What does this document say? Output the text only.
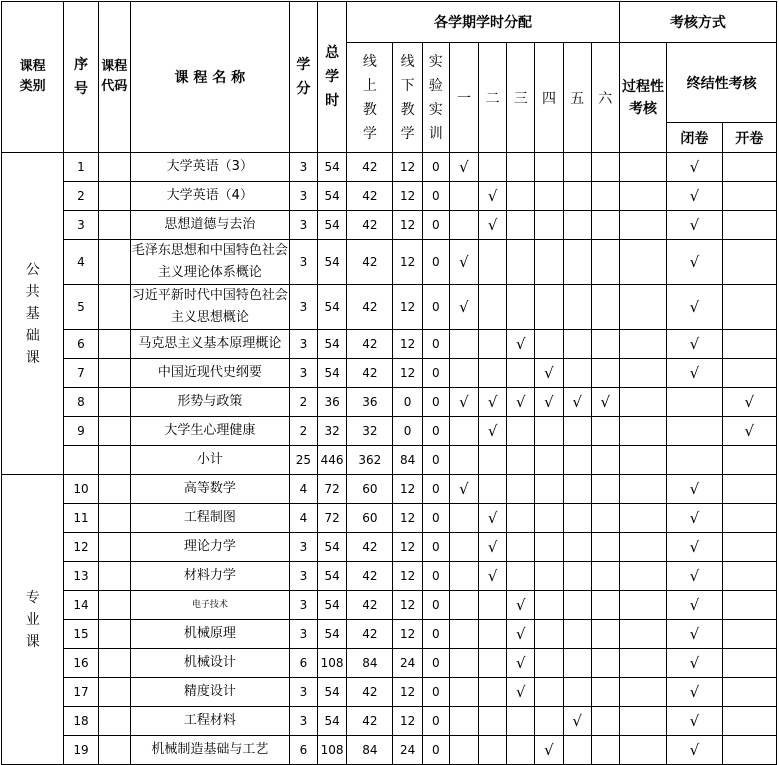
课程类别	序号	课程代码	课 程 名 称	学分	总学时	各学期学时分配									考核方式		
						线上教学	线下教学	实验实训	一	二	三	四	五	六	过程性考核	终结性考核	
																闭卷	开卷
公共基础课	1		大学英语（3）	3	54	42	12	0	√							√	
	2		大学英语（4）	3	54	42	12	0		√						√	
	3		思想道德与去治	3	54	42	12	0		√						√	
	4		毛泽东思想和中国特色社会主义理论体系概论	3	54	42	12	0	√							√	
	5		习近平新时代中国特色社会主义思想概论	3	54	42	12	0	√							√	
	6		马克思主义基本原理概论	3	54	42	12	0			√					√	
	7		中国近现代史纲要	3	54	42	12	0				√				√	
	8		形势与政策	2	36	36	0	0	√	√	√	√	√	√			√
	9		大学生心理健康	2	32	32	0	0		√							√
			小计	25	446	362	84	0									
专业课	10		高等数学	4	72	60	12	0	√							√	
	11		工程制图	4	72	60	12	0		√						√	
	12		理论力学	3	54	42	12	0		√						√	
	13		材料力学	3	54	42	12	0		√						√	
	14		电子技术	3	54	42	12	0			√					√	
	15		机械原理	3	54	42	12	0			√					√	
	16		机械设计	6	108	84	24	0			√					√	
	17		精度设计	3	54	42	12	0			√					√	
	18		工程材料	3	54	42	12	0					√			√	
	19		机械制造基础与工艺	6	108	84	24	0				√				√	
